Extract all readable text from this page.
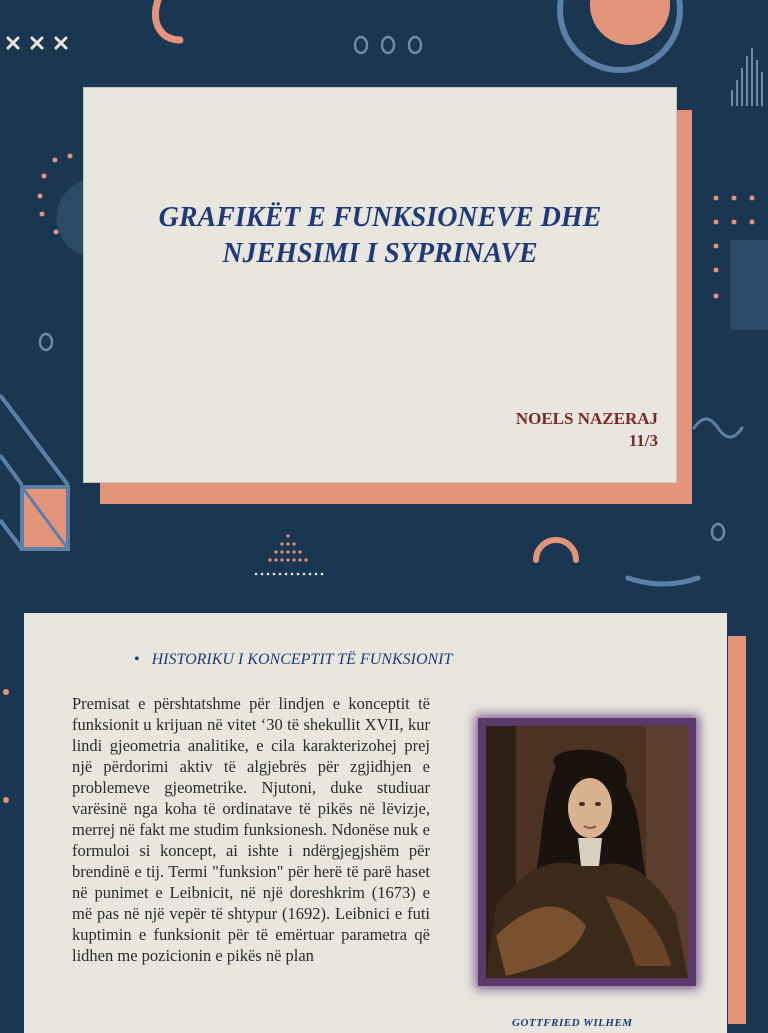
GRAFIKËT E FUNKSIONEVE DHE
NJEHSIMI I SYPRINAVE
NOELS NAZERAJ
11/3
• HISTORIKU I KONCEPTIT TË FUNKSIONIT
Premisat e përshtatshme për lindjen e konceptit të funksionit u krijuan në vitet ‘30 të shekullit XVII, kur lindi gjeometria analitike, e cila karakterizohej prej një përdorimi aktiv të algjebrës për zgjidhjen e problemeve gjeometrike. Njutoni, duke studiuar varësinë nga koha të ordinatave të pikës në lëvizje, merrej në fakt me studim funksionesh. Ndonëse nuk e formuloi si koncept, ai ishte i ndërgjegjshëm për brendinë e tij. Termi "funksion" për herë të parë haset në punimet e Leibnicit, në një doreshkrim (1673) e më pas në një vepër të shtypur (1692). Leibnici e futi kuptimin e funksionit për të emërtuar parametra që lidhen me pozicionin e pikës në plan
GOTTFRIED WILHEM
